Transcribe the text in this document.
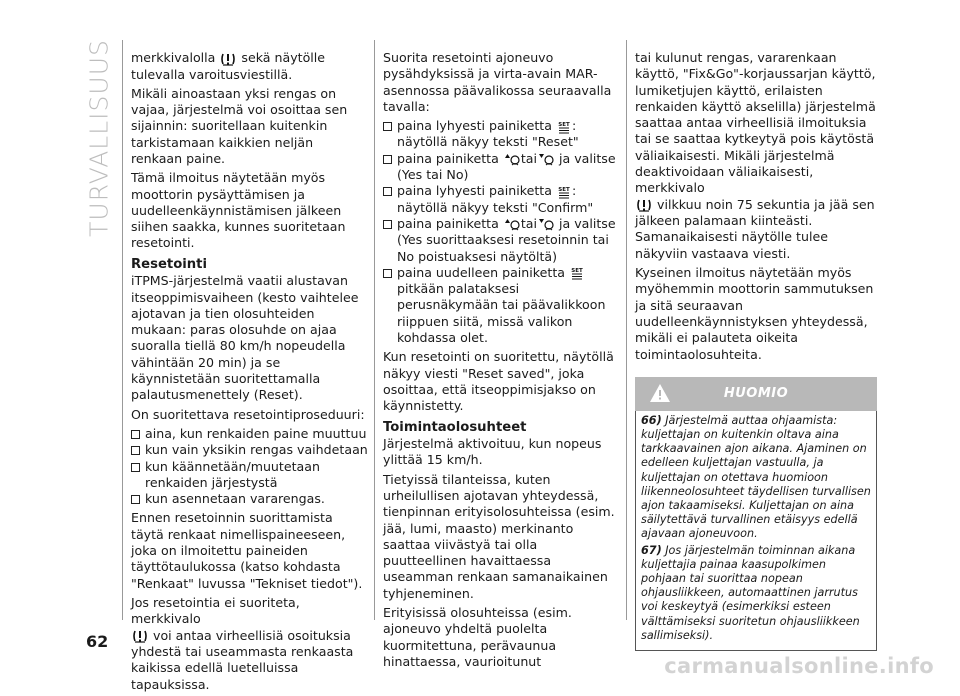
TURVALLISUUS
62

merkkivalolla sekä näytölle tulevalla varoitusviestillä.

Mikäli ainoastaan yksi rengas on vajaa, järjestelmä voi osoittaa sen sijainnin: suoritellaan kuitenkin tarkistamaan kaikkien neljän renkaan paine.

Tämä ilmoitus näytetään myös moottorin pysäyttämisen ja uudelleenkäynnistämisen jälkeen siihen saakka, kunnes suoritetaan resetointi.

Resetointi

iTPMS-järjestelmä vaatii alustavan itseoppimisvaiheen (kesto vaihtelee ajotavan ja tien olosuhteiden mukaan: paras olosuhde on ajaa suoralla tiellä 80 km/h nopeudella vähintään 20 min) ja se käynnistetään suoritettamalla palautusmenettely (Reset).

On suoritettava resetointiproseduuri:

aina, kun renkaiden paine muuttuu
kun vain yksikin rengas vaihdetaan
kun käännetään/muutetaan renkaiden järjestystä
kun asennetaan vararengas.

Ennen resetoinnin suorittamista täytä renkaat nimellispaineeseen, joka on ilmoitettu paineiden täyttötaulukossa (katso kohdasta "Renkaat" luvussa "Tekniset tiedot").

Jos resetointia ei suoriteta, merkkivalo

voi antaa virheellisiä osoituksia yhdestä tai useammasta renkaasta kaikissa edellä luetelluissa tapauksissa.

Suorita resetointi ajoneuvo pysähdyksissä ja virta-avain MAR-asennossa päävalikossa seuraavalla tavalla:

paina lyhyesti painiketta SET : näytöllä näkyy teksti "Reset"
paina painiketta tai ja valitse (Yes tai No)
paina lyhyesti painiketta SET : näytöllä näkyy teksti "Confirm"
paina painiketta tai ja valitse (Yes suorittaaksesi resetoinnin tai No poistuaksesi näytöltä)
paina uudelleen painiketta SET
pitkään palataksesi perusnäkymään tai päävalikkoon riippuen siitä, missä valikon kohdassa olet.

Kun resetointi on suoritettu, näytöllä näkyy viesti "Reset saved", joka osoittaa, että itseoppimisjakso on käynnistetty.

Toimintaolosuhteet

Järjestelmä aktivoituu, kun nopeus ylittää 15 km/h.

Tietyissä tilanteissa, kuten urheilullisen ajotavan yhteydessä, tienpinnan erityisolosuhteissa (esim. jää, lumi, maasto) merkinanto saattaa viivästyä tai olla puutteellinen havaittaessa useamman renkaan samanaikainen tyhjeneminen.

Erityisissä olosuhteissa (esim. ajoneuvo yhdeltä puolelta kuormitettuna, perävaunua hinattaessa, vaurioitunut

tai kulunut rengas, vararenkaan käyttö, "Fix&Go"-korjaussarjan käyttö, lumiketjujen käyttö, erilaisten renkaiden käyttö akselilla) järjestelmä saattaa antaa virheellisiä ilmoituksia tai se saattaa kytkeytyä pois käytöstä väliaikaisesti. Mikäli järjestelmä deaktivoidaan väliaikaisesti, merkkivalo

vilkkuu noin 75 sekuntia ja jää sen jälkeen palamaan kiinteästi. Samanaikaisesti näytölle tulee näkyviin vastaava viesti.

Kyseinen ilmoitus näytetään myös myöhemmin moottorin sammutuksen ja sitä seuraavan uudelleenkäynnistyksen yhteydessä, mikäli ei palauteta oikeita toimintaolosuhteita.

HUOMIO

66) Järjestelmä auttaa ohjaamista: kuljettajan on kuitenkin oltava aina tarkkaavainen ajon aikana. Ajaminen on edelleen kuljettajan vastuulla, ja kuljettajan on otettava huomioon liikenneolosuhteet täydellisen turvallisen ajon takaamiseksi. Kuljettajan on aina säilytettävä turvallinen etäisyys edellä ajavaan ajoneuvoon.

67) Jos järjestelmän toiminnan aikana kuljettajia painaa kaasupolkimen pohjaan tai suorittaa nopean ohjausliikkeen, automaattinen jarrutus voi keskeytyä (esimerkiksi esteen välttämiseksi suoritetun ohjausliikkeen sallimiseksi).

carmanualsonline.info
